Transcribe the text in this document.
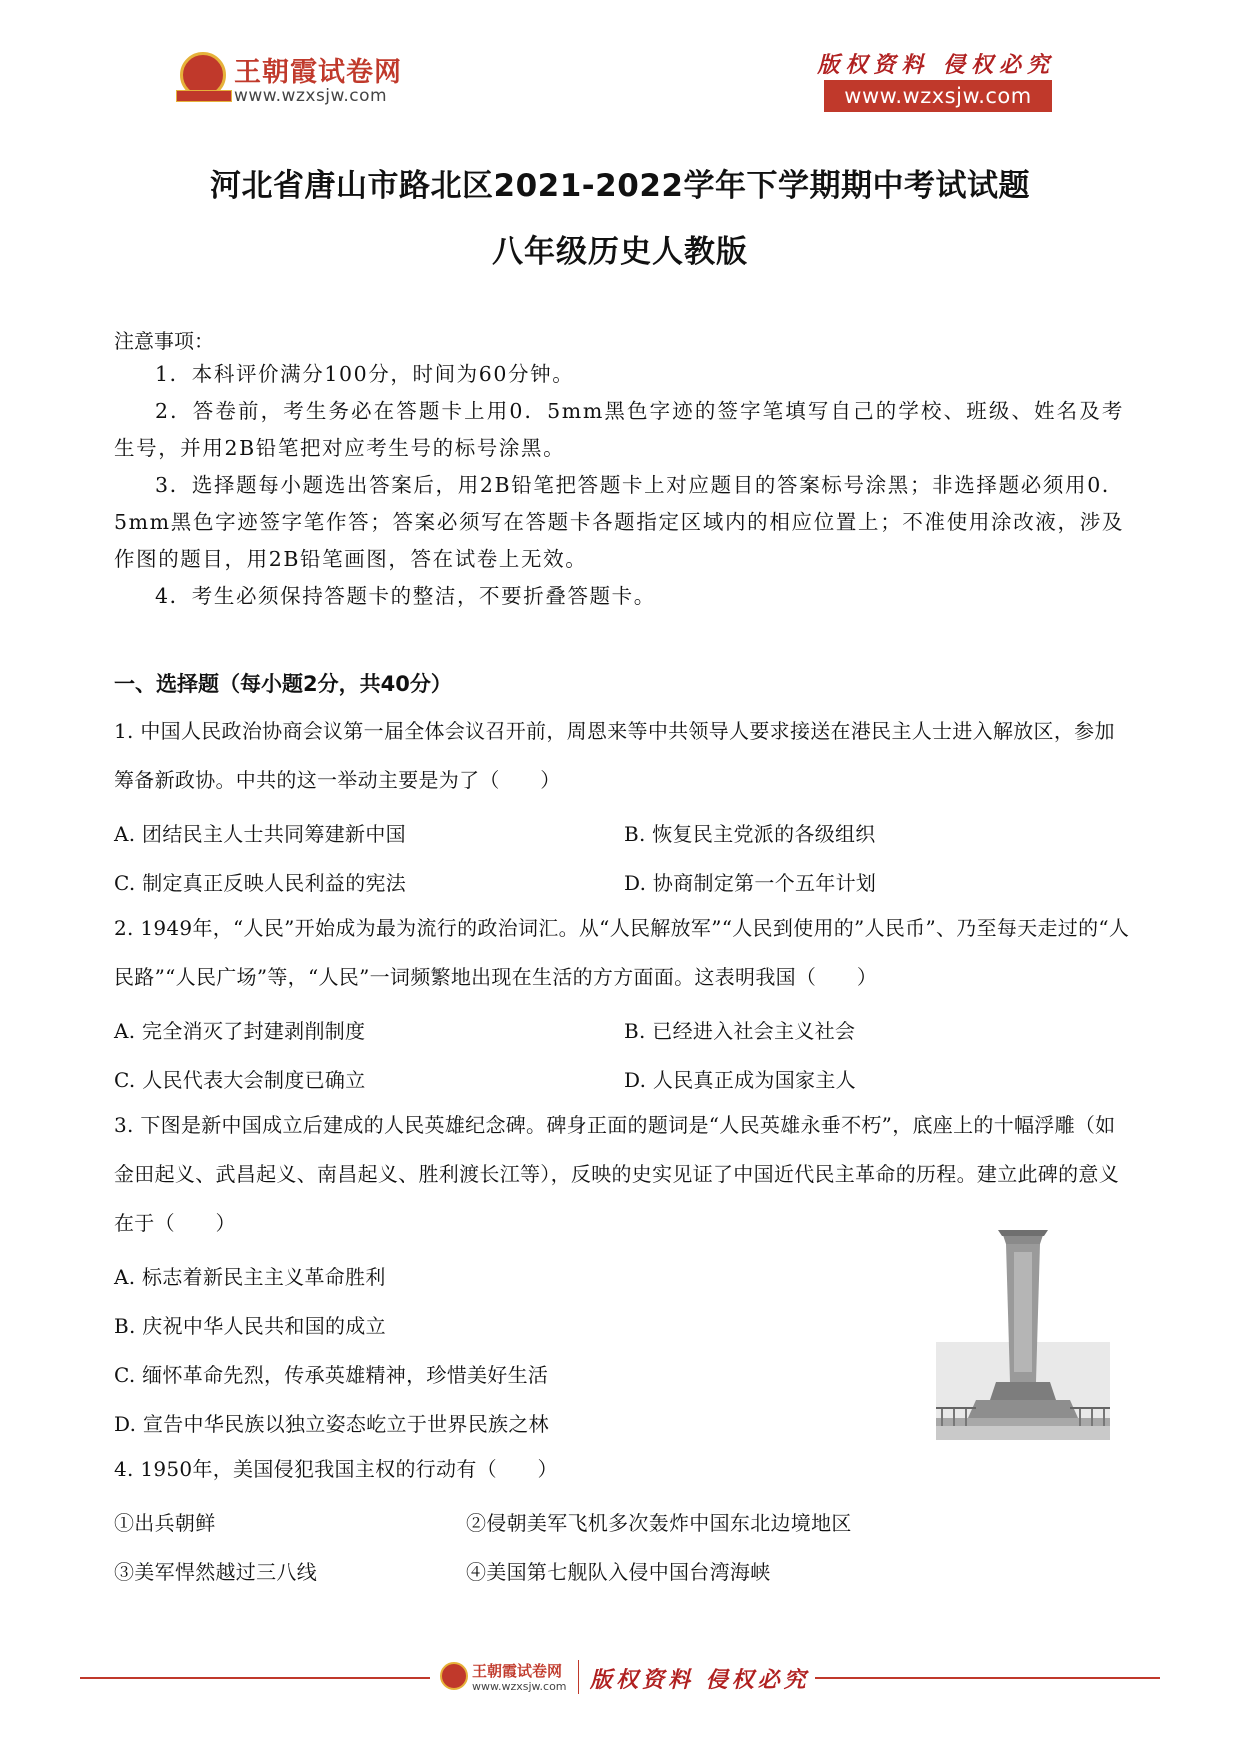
王朝霞试卷网
www.wzxsjw.com
版权资料 侵权必究
www.wzxsjw.com
河北省唐山市路北区2021-2022学年下学期期中考试试题
八年级历史人教版
注意事项：

1．本科评价满分100分，时间为60分钟。

2．答卷前，考生务必在答题卡上用0．5mm黑色字迹的签字笔填写自己的学校、班级、姓名及考生号，并用2B铅笔把对应考生号的标号涂黑。

3．选择题每小题选出答案后，用2B铅笔把答题卡上对应题目的答案标号涂黑；非选择题必须用0．5mm黑色字迹签字笔作答；答案必须写在答题卡各题指定区域内的相应位置上；不准使用涂改液，涉及作图的题目，用2B铅笔画图，答在试卷上无效。

4．考生必须保持答题卡的整洁，不要折叠答题卡。

一、选择题（每小题2分，共40分）
1. 中国人民政治协商会议第一届全体会议召开前，周恩来等中共领导人要求接送在港民主人士进入解放区，参加筹备新政协。中共的这一举动主要是为了（　　）
A. 团结民主人士共同筹建新中国	B. 恢复民主党派的各级组织
C. 制定真正反映人民利益的宪法	D. 协商制定第一个五年计划
2. 1949年，“人民”开始成为最为流行的政治词汇。从“人民解放军”“人民到使用的”人民币”、乃至每天走过的“人民路”“人民广场”等，“人民”一词频繁地出现在生活的方方面面。这表明我国（　　）
A. 完全消灭了封建剥削制度	B. 已经进入社会主义社会
C. 人民代表大会制度已确立	D. 人民真正成为国家主人
3. 下图是新中国成立后建成的人民英雄纪念碑。碑身正面的题词是“人民英雄永垂不朽”，底座上的十幅浮雕（如金田起义、武昌起义、南昌起义、胜利渡长江等），反映的史实见证了中国近代民主革命的历程。建立此碑的意义在于（　　）
A. 标志着新民主主义革命胜利
B. 庆祝中华人民共和国的成立
C. 缅怀革命先烈，传承英雄精神，珍惜美好生活
D. 宣告中华民族以独立姿态屹立于世界民族之林
4. 1950年，美国侵犯我国主权的行动有（　　）
①出兵朝鲜	②侵朝美军飞机多次轰炸中国东北边境地区
③美军悍然越过三八线	④美国第七舰队入侵中国台湾海峡
王朝霞试卷网
www.wzxsjw.com 版权资料 侵权必究
